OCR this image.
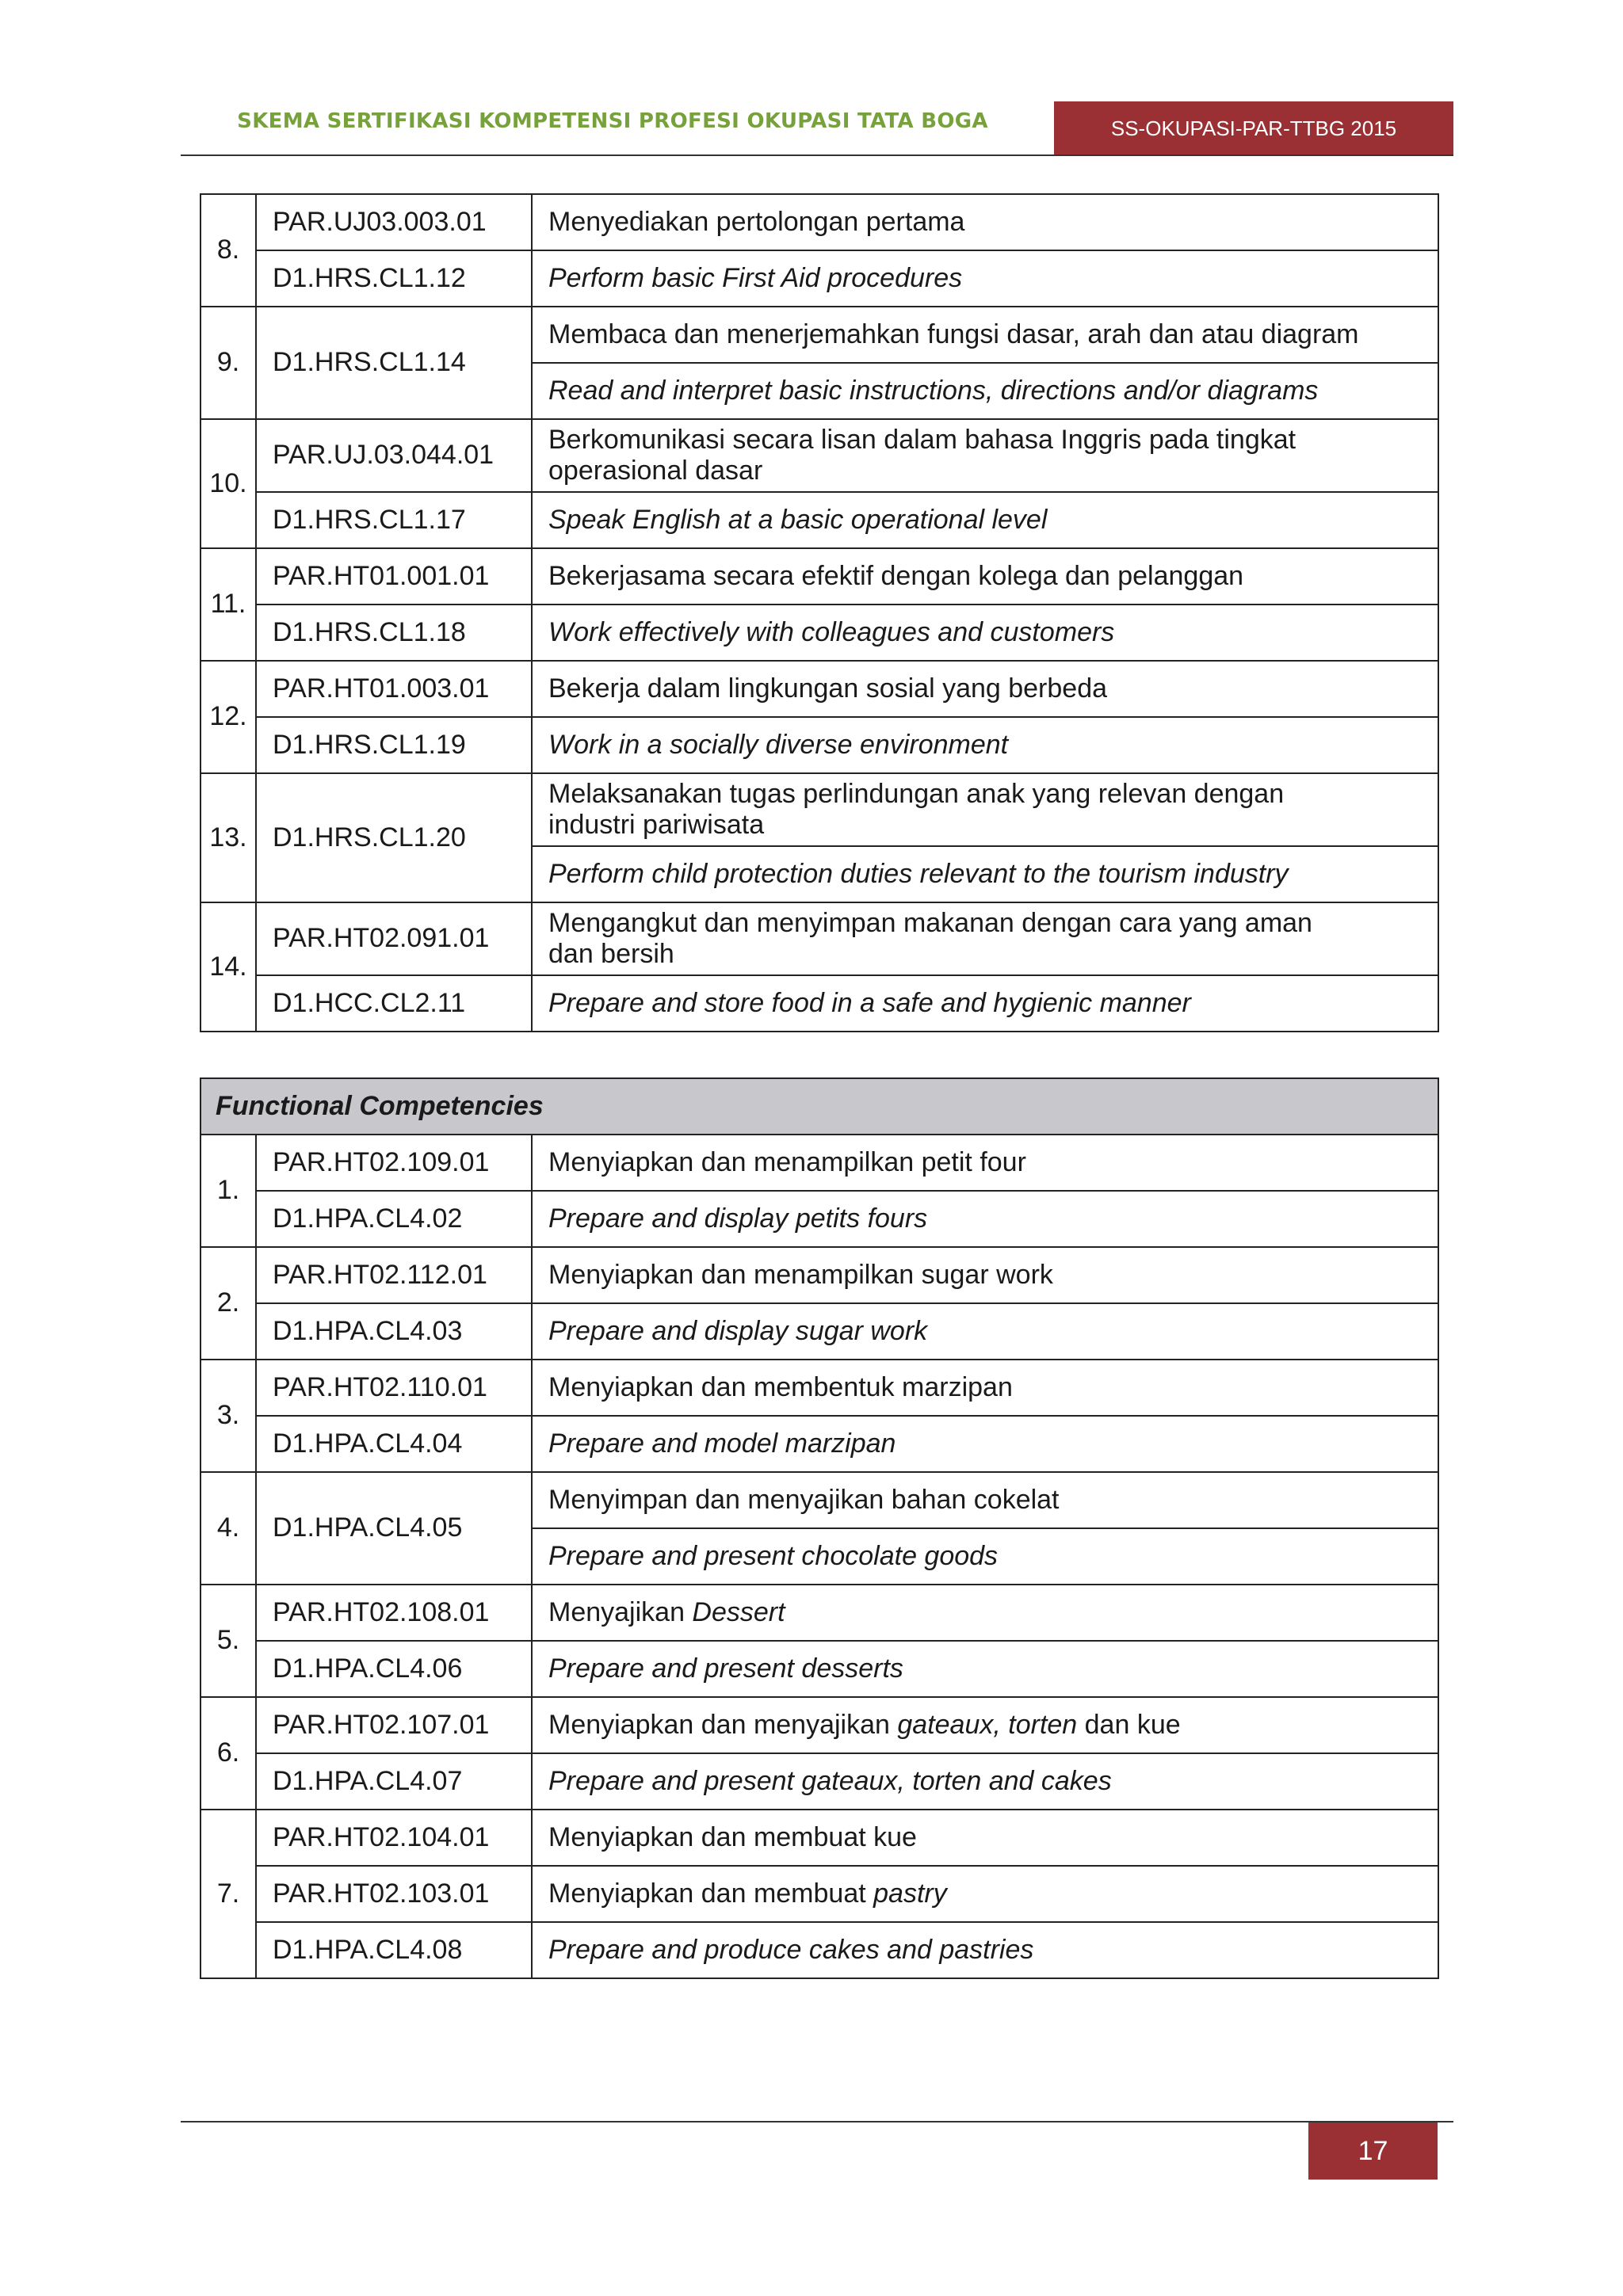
SKEMA SERTIFIKASI KOMPETENSI PROFESI OKUPASI TATA BOGA	SS-OKUPASI-PAR-TTBG 2015
8.	PAR.UJ03.003.01	Menyediakan pertolongan pertama
	D1.HRS.CL1.12	Perform basic First Aid procedures
9.	D1.HRS.CL1.14	Membaca dan menerjemahkan fungsi dasar, arah dan atau diagram
		Read and interpret basic instructions, directions and/or diagrams
10.	PAR.UJ.03.044.01	Berkomunikasi secara lisan dalam bahasa Inggris pada tingkat
operasional dasar
	D1.HRS.CL1.17	Speak English at a basic operational level
11.	PAR.HT01.001.01	Bekerjasama secara efektif dengan kolega dan pelanggan
	D1.HRS.CL1.18	Work effectively with colleagues and customers
12.	PAR.HT01.003.01	Bekerja dalam lingkungan sosial yang berbeda
	D1.HRS.CL1.19	Work in a socially diverse environment
13.	D1.HRS.CL1.20	Melaksanakan tugas perlindungan anak yang relevan dengan
industri pariwisata
		Perform child protection duties relevant to the tourism industry
14.	PAR.HT02.091.01	Mengangkut dan menyimpan makanan dengan cara yang aman
dan bersih
	D1.HCC.CL2.11	Prepare and store food in a safe and hygienic manner
Functional Competencies		
1.	PAR.HT02.109.01	Menyiapkan dan menampilkan petit four
	D1.HPA.CL4.02	Prepare and display petits fours
2.	PAR.HT02.112.01	Menyiapkan dan menampilkan sugar work
	D1.HPA.CL4.03	Prepare and display sugar work
3.	PAR.HT02.110.01	Menyiapkan dan membentuk marzipan
	D1.HPA.CL4.04	Prepare and model marzipan
4.	D1.HPA.CL4.05	Menyimpan dan menyajikan bahan cokelat
		Prepare and present chocolate goods
5.	PAR.HT02.108.01	Menyajikan Dessert
	D1.HPA.CL4.06	Prepare and present desserts
6.	PAR.HT02.107.01	Menyiapkan dan menyajikan gateaux, torten dan kue
	D1.HPA.CL4.07	Prepare and present gateaux, torten and cakes
7.	PAR.HT02.104.01	Menyiapkan dan membuat kue
	PAR.HT02.103.01	Menyiapkan dan membuat pastry
	D1.HPA.CL4.08	Prepare and produce cakes and pastries
17
